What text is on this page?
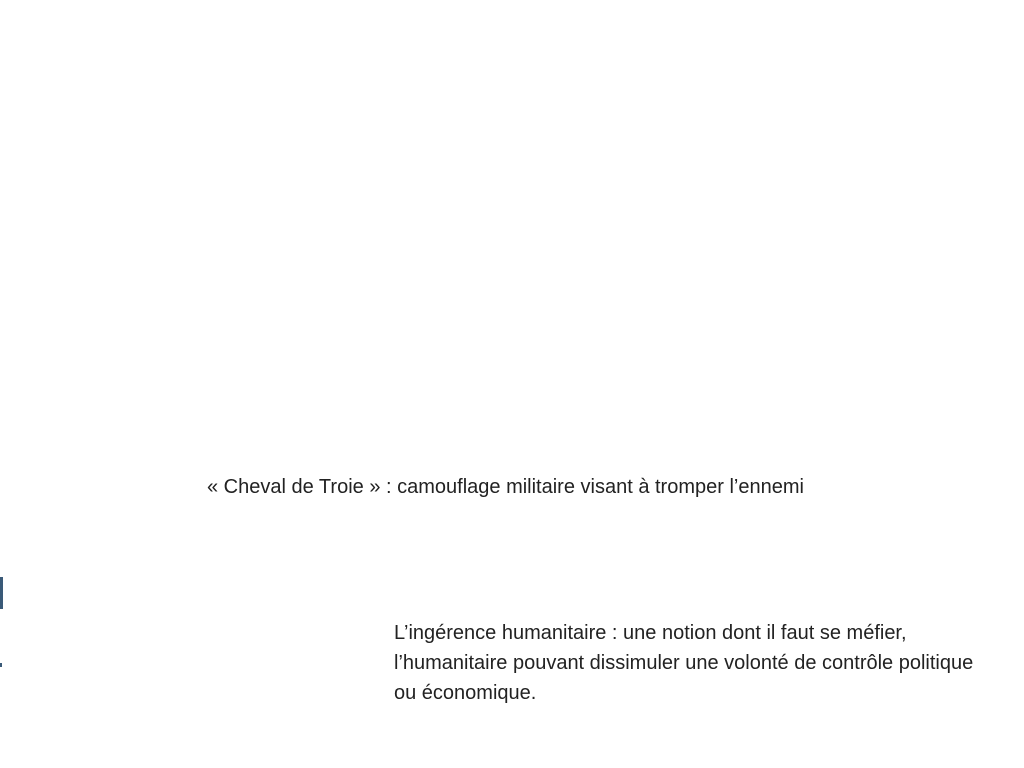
« Cheval de Troie » : camouflage militaire visant à tromper l’ennemi
L’ingérence humanitaire : une notion dont il faut se méfier, l’humanitaire pouvant dissimuler une volonté de contrôle politique ou économique.
